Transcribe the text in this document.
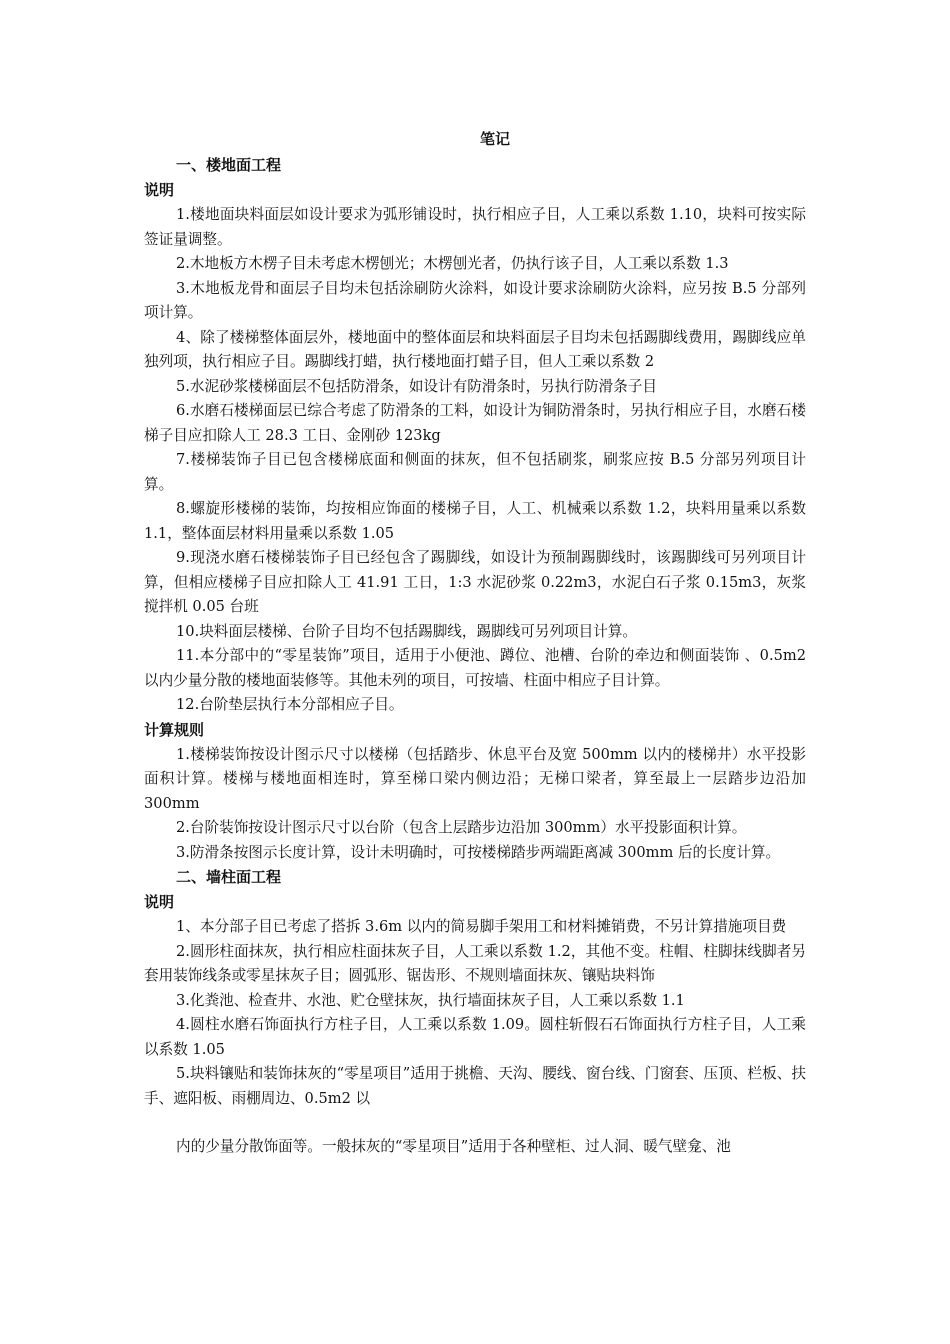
笔记
一、楼地面工程
说明
1.楼地面块料面层如设计要求为弧形铺设时，执行相应子目，人工乘以系数 1.10，块料可按实际签证量调整。
2.木地板方木楞子目未考虑木楞刨光；木楞刨光者，仍执行该子目，人工乘以系数 1.3
3.木地板龙骨和面层子目均未包括涂刷防火涂料，如设计要求涂刷防火涂料，应另按 B.5 分部列项计算。
4、除了楼梯整体面层外，楼地面中的整体面层和块料面层子目均未包括踢脚线费用，踢脚线应单独列项，执行相应子目。踢脚线打蜡，执行楼地面打蜡子目，但人工乘以系数 2
5.水泥砂浆楼梯面层不包括防滑条，如设计有防滑条时，另执行防滑条子目
6.水磨石楼梯面层已综合考虑了防滑条的工料，如设计为铜防滑条时，另执行相应子目，水磨石楼梯子目应扣除人工 28.3 工日、金刚砂 123kg
7.楼梯装饰子目已包含楼梯底面和侧面的抹灰，但不包括刷浆，刷浆应按 B.5 分部另列项目计算。
8.螺旋形楼梯的装饰，均按相应饰面的楼梯子目，人工、机械乘以系数 1.2，块料用量乘以系数 1.1，整体面层材料用量乘以系数 1.05
9.现浇水磨石楼梯装饰子目已经包含了踢脚线，如设计为预制踢脚线时，该踢脚线可另列项目计算，但相应楼梯子目应扣除人工 41.91 工日，1:3 水泥砂浆 0.22m3，水泥白石子浆 0.15m3，灰浆搅拌机 0.05 台班
10.块料面层楼梯、台阶子目均不包括踢脚线，踢脚线可另列项目计算。
11.本分部中的“零星装饰”项目，适用于小便池、蹲位、池槽、台阶的牵边和侧面装饰 、0.5m2 以内少量分散的楼地面装修等。其他未列的项目，可按墙、柱面中相应子目计算。
12.台阶垫层执行本分部相应子目。
计算规则
1.楼梯装饰按设计图示尺寸以楼梯（包括踏步、休息平台及宽 500mm 以内的楼梯井）水平投影面积计算。楼梯与楼地面相连时，算至梯口梁内侧边沿；无梯口梁者，算至最上一层踏步边沿加 300mm
2.台阶装饰按设计图示尺寸以台阶（包含上层踏步边沿加 300mm）水平投影面积计算。
3.防滑条按图示长度计算，设计未明确时，可按楼梯踏步两端距离减 300mm 后的长度计算。
二、墙柱面工程
说明
1、本分部子目已考虑了搭拆 3.6m 以内的简易脚手架用工和材料摊销费，不另计算措施项目费
2.圆形柱面抹灰，执行相应柱面抹灰子目，人工乘以系数 1.2，其他不变。柱帽、柱脚抹线脚者另套用装饰线条或零星抹灰子目；圆弧形、锯齿形、不规则墙面抹灰、镶贴块料饰
3.化粪池、检查井、水池、贮仓壁抹灰，执行墙面抹灰子目，人工乘以系数 1.1
4.圆柱水磨石饰面执行方柱子目，人工乘以系数 1.09。圆柱斩假石石饰面执行方柱子目，人工乘以系数 1.05
5.块料镶贴和装饰抹灰的“零星项目”适用于挑檐、天沟、腰线、窗台线、门窗套、压顶、栏板、扶手、遮阳板、雨棚周边、0.5m2 以
内的少量分散饰面等。一般抹灰的“零星项目”适用于各种壁柜、过人洞、暖气壁龛、池
